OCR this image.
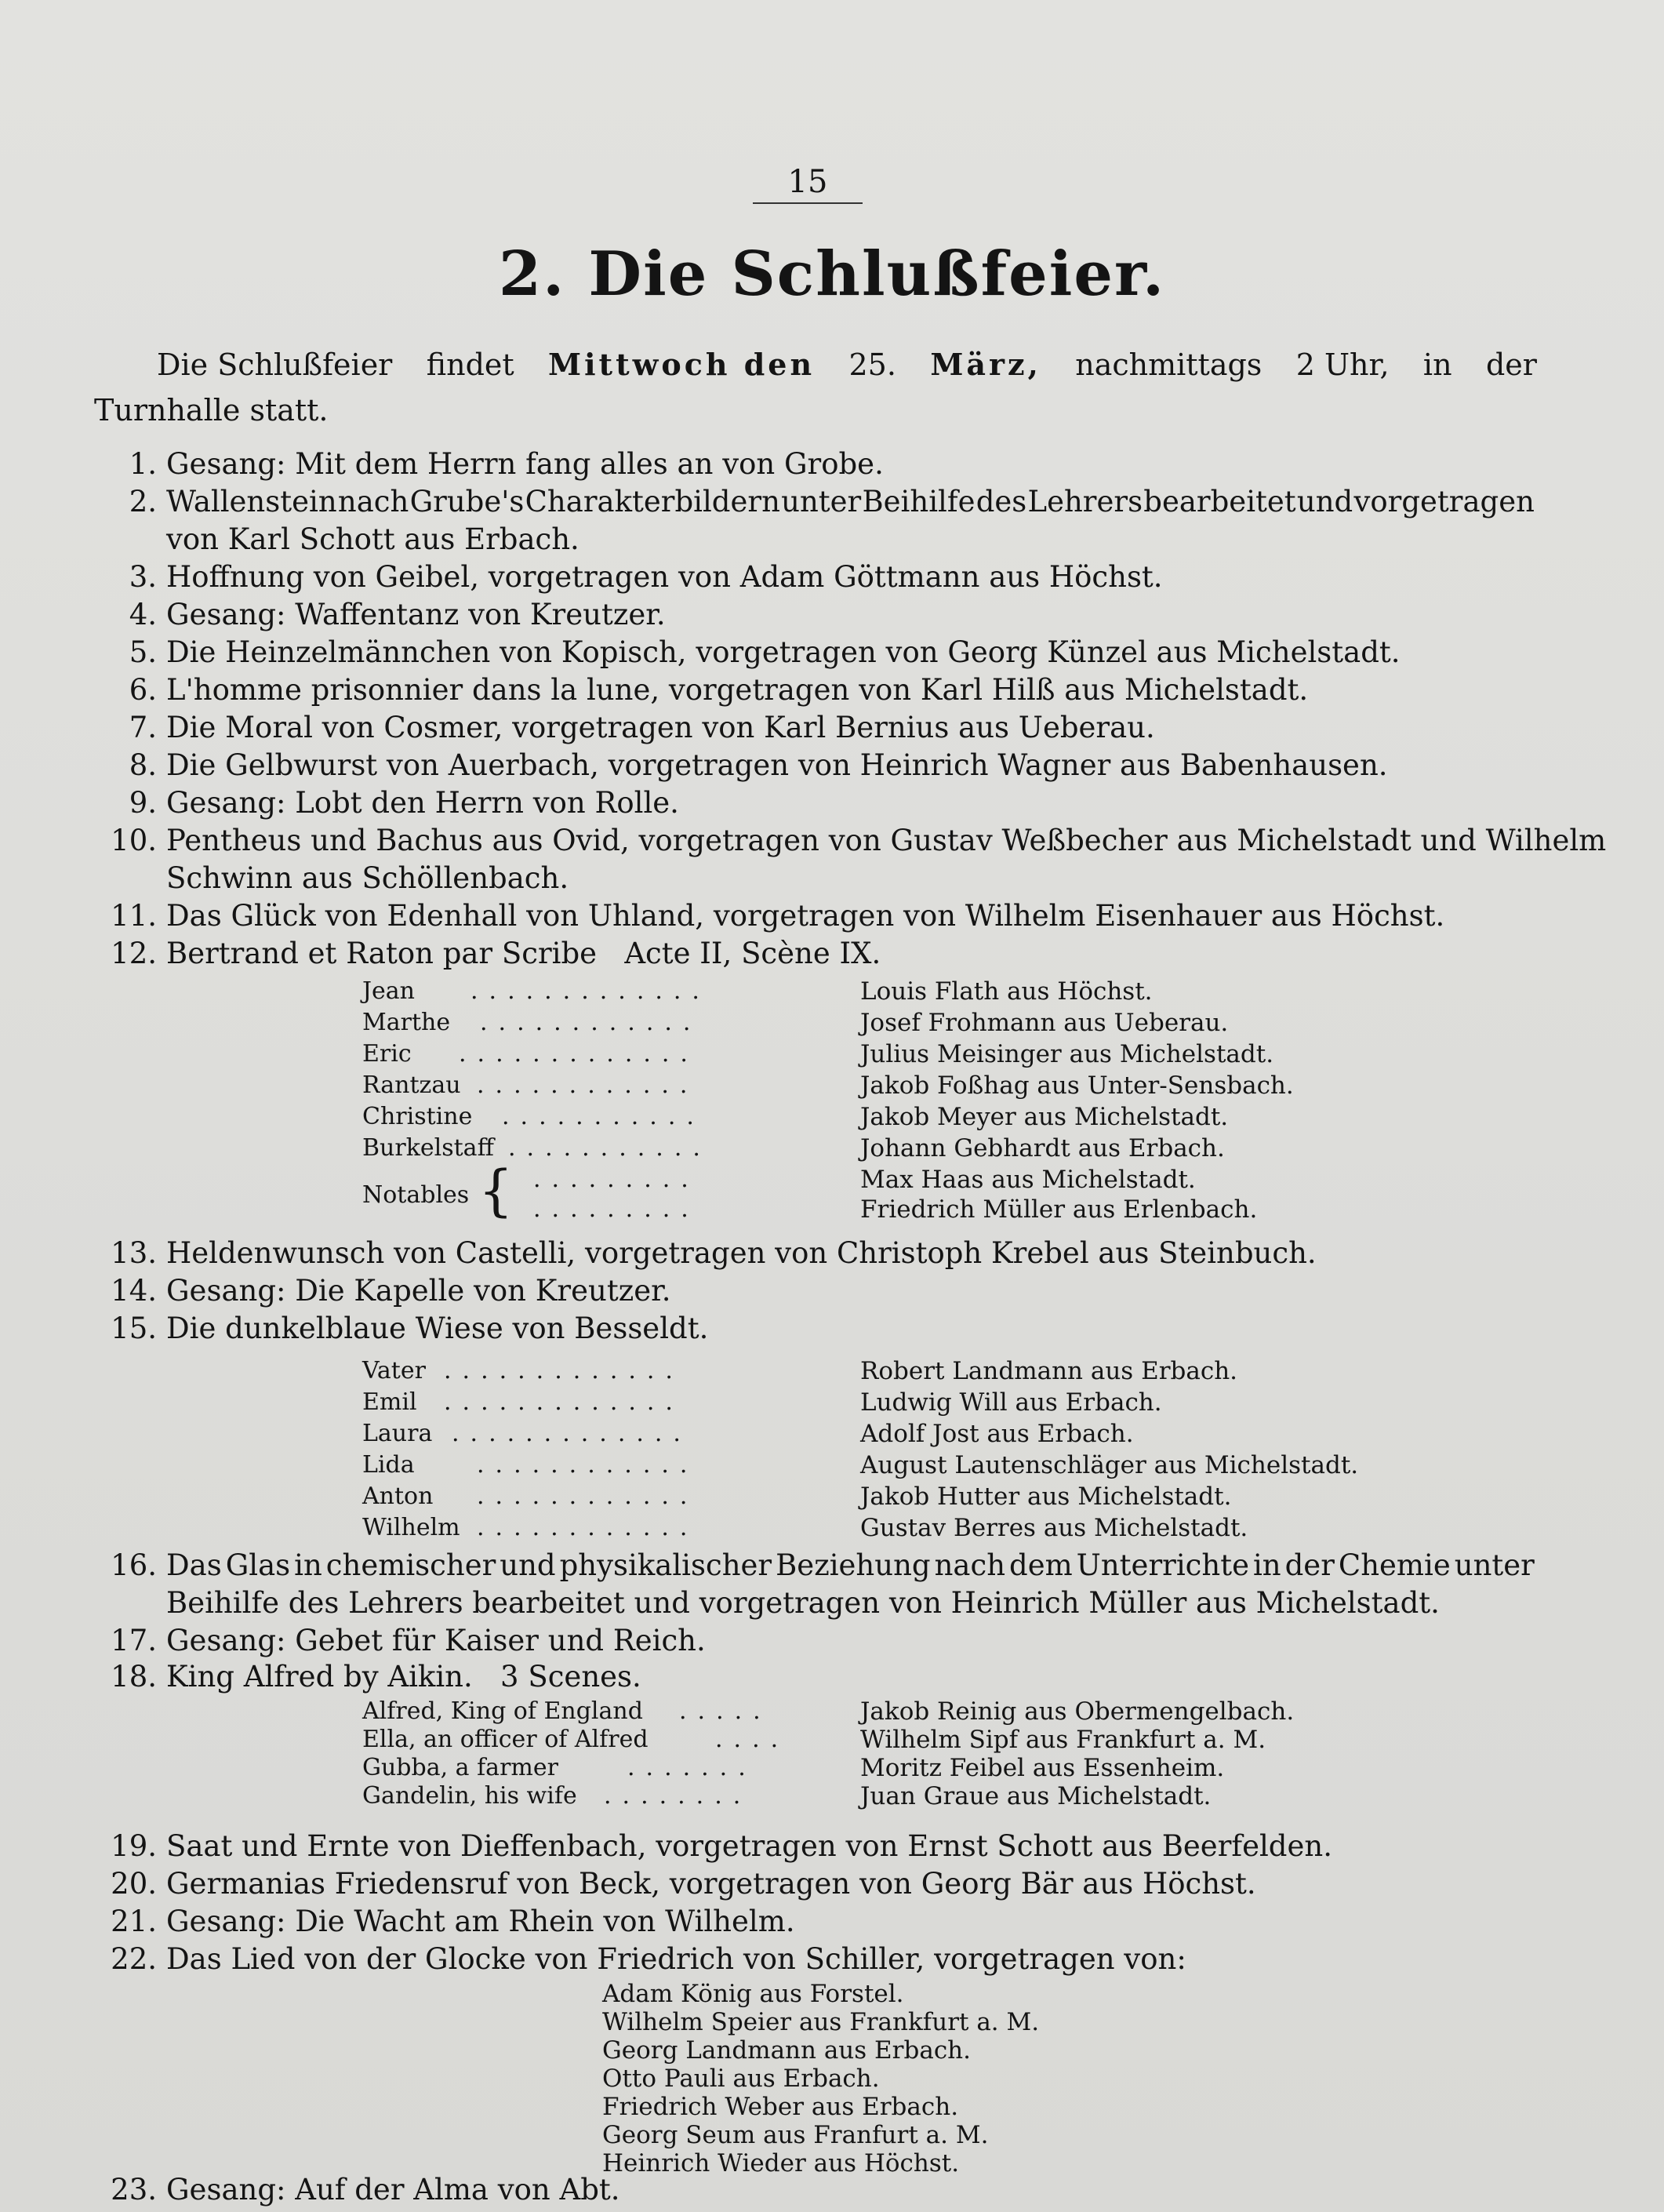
15
2. Die Schlußfeier.
Die Schlußfeier findet Mittwoch den 25. März, nachmittags 2 Uhr, in der
Turnhalle statt.
1. Gesang: Mit dem Herrn fang alles an von Grobe.
2. Wallenstein nach Grube's Charakterbildern unter Beihilfe des Lehrers bearbeitet und vorgetragen
von Karl Schott aus Erbach.
3. Hoffnung von Geibel, vorgetragen von Adam Göttmann aus Höchst.
4. Gesang: Waffentanz von Kreutzer.
5. Die Heinzelmännchen von Kopisch, vorgetragen von Georg Künzel aus Michelstadt.
6. L'homme prisonnier dans la lune, vorgetragen von Karl Hilß aus Michelstadt.
7. Die Moral von Cosmer, vorgetragen von Karl Bernius aus Ueberau.
8. Die Gelbwurst von Auerbach, vorgetragen von Heinrich Wagner aus Babenhausen.
9. Gesang: Lobt den Herrn von Rolle.
10. Pentheus und Bachus aus Ovid, vorgetragen von Gustav Weßbecher aus Michelstadt und Wilhelm
Schwinn aus Schöllenbach.
11. Das Glück von Edenhall von Uhland, vorgetragen von Wilhelm Eisenhauer aus Höchst.
12. Bertrand et Raton par Scribe   Acte II, Scène IX.
Jean .............	Louis Flath aus Höchst.
Marthe ............	Josef Frohmann aus Ueberau.
Eric .............	Julius Meisinger aus Michelstadt.
Rantzau ............	Jakob Foßhag aus Unter-Sensbach.
Christine ...........	Jakob Meyer aus Michelstadt.
Burkelstaff ...........	Johann Gebhardt aus Erbach.
Notables { .........	Max Haas aus Michelstadt.
.........	Friedrich Müller aus Erlenbach.
13. Heldenwunsch von Castelli, vorgetragen von Christoph Krebel aus Steinbuch.
14. Gesang: Die Kapelle von Kreutzer.
15. Die dunkelblaue Wiese von Besseldt.
Vater .............	Robert Landmann aus Erbach.
Emil .............	Ludwig Will aus Erbach.
Laura .............	Adolf Jost aus Erbach.
Lida	............	August Lautenschläger aus Michelstadt.
Anton ............	Jakob Hutter aus Michelstadt.
Wilhelm ............	Gustav Berres aus Michelstadt.
16. Das Glas in chemischer und physikalischer Beziehung nach dem Unterrichte in der Chemie unter
Beihilfe des Lehrers bearbeitet und vorgetragen von Heinrich Müller aus Michelstadt.
17. Gesang: Gebet für Kaiser und Reich.
18. King Alfred by Aikin.   3 Scenes.
Alfred, King of England .....	Jakob Reinig aus Obermengelbach.
Ella, an officer of Alfred	....	Wilhelm Sipf aus Frankfurt a. M.
Gubba, a farmer	.......	Moritz Feibel aus Essenheim.
Gandelin, his wife ........	Juan Graue aus Michelstadt.
19. Saat und Ernte von Dieffenbach, vorgetragen von Ernst Schott aus Beerfelden.
20. Germanias Friedensruf von Beck, vorgetragen von Georg Bär aus Höchst.
21. Gesang: Die Wacht am Rhein von Wilhelm.
22. Das Lied von der Glocke von Friedrich von Schiller, vorgetragen von:
Adam König aus Forstel.
Wilhelm Speier aus Frankfurt a. M.
Georg Landmann aus Erbach.
Otto Pauli aus Erbach.
Friedrich Weber aus Erbach.
Georg Seum aus Franfurt a. M.
Heinrich Wieder aus Höchst.
23. Gesang: Auf der Alma von Abt.
